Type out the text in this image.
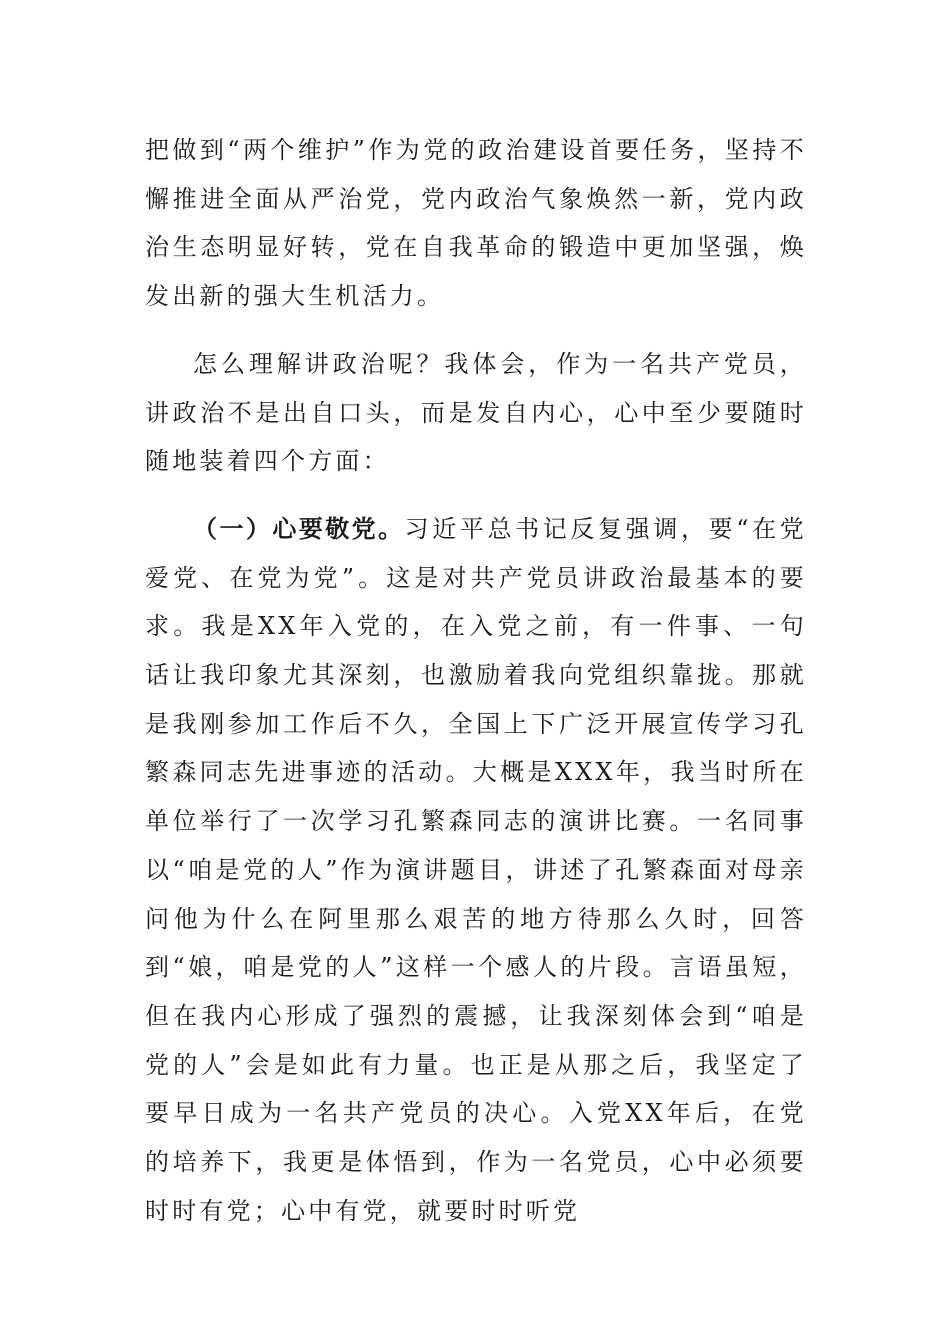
把做到“两个维护”作为党的政治建设首要任务，坚持不懈推进全面从严治党，党内政治气象焕然一新，党内政治生态明显好转，党在自我革命的锻造中更加坚强，焕发出新的强大生机活力。

怎么理解讲政治呢？我体会，作为一名共产党员，讲政治不是出自口头，而是发自内心，心中至少要随时随地装着四个方面：

（一）心要敬党。习近平总书记反复强调，要“在党爱党、在党为党”。这是对共产党员讲政治最基本的要求。我是XX年入党的，在入党之前，有一件事、一句话让我印象尤其深刻，也激励着我向党组织靠拢。那就是我刚参加工作后不久，全国上下广泛开展宣传学习孔繁森同志先进事迹的活动。大概是XXX年，我当时所在单位举行了一次学习孔繁森同志的演讲比赛。一名同事以“咱是党的人”作为演讲题目，讲述了孔繁森面对母亲问他为什么在阿里那么艰苦的地方待那么久时，回答到“娘，咱是党的人”这样一个感人的片段。言语虽短，但在我内心形成了强烈的震撼，让我深刻体会到“咱是党的人”会是如此有力量。也正是从那之后，我坚定了要早日成为一名共产党员的决心。入党XX年后，在党的培养下，我更是体悟到，作为一名党员，心中必须要时时有党；心中有党，就要时时听党
